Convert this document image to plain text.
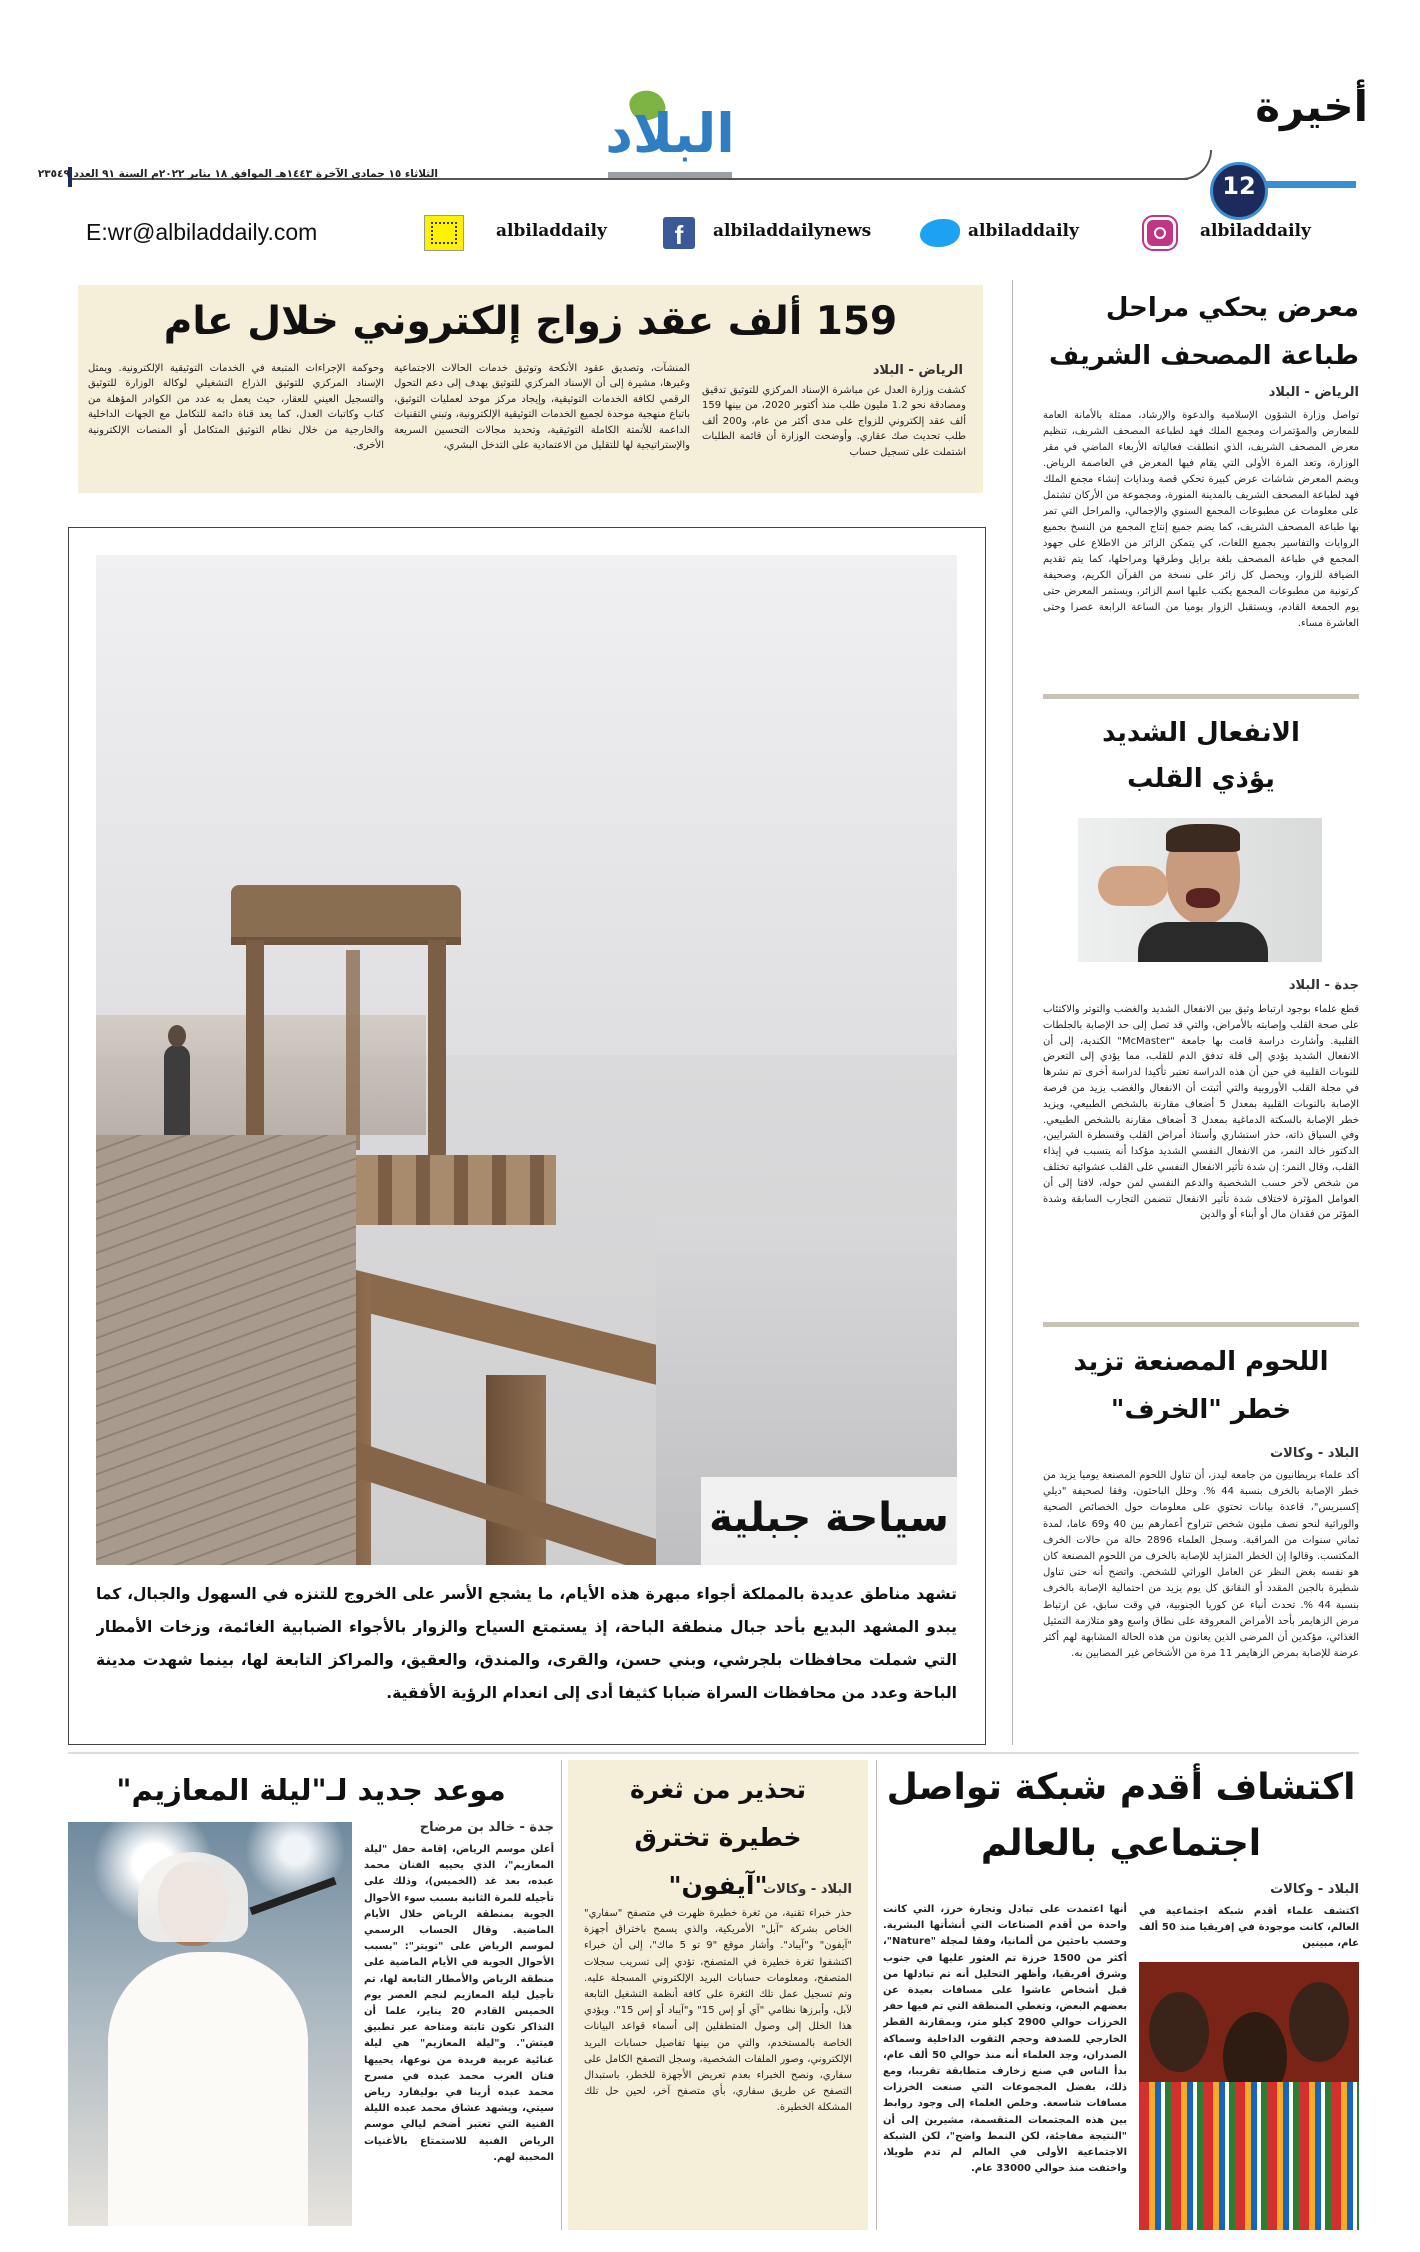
أخيرة
12
الثلاثاء ١٥ جمادى الآخرة ١٤٤٣هـ الموافق ١٨ يناير ٢٠٢٢م السنة ٩١ العدد ٢٣٥٤٩
البلاد
albiladdaily
albiladdaily
albiladdailynews
f
albiladdaily
E:wr@albiladdaily.com
159 ألف عقد زواج إلكتروني خلال عام
الرياض - البلاد
كشفت وزارة العدل عن مباشرة الإسناد المركزي للتوثيق تدقيق ومصادقة نحو 1.2 مليون طلب منذ أكتوبر 2020، من بينها 159 ألف عقد إلكتروني للزواج على مدى أكثر من عام، و200 ألف طلب تحديث صك عقاري. وأوضحت الوزارة أن قائمة الطلبات اشتملت على تسجيل حساب
المنشآت، وتصديق عقود الأنكحة وتوثيق خدمات الحالات الاجتماعية وغيرها، مشيرة إلى أن الإسناد المركزي للتوثيق يهدف إلى دعم التحول الرقمي لكافة الخدمات التوثيقية، وإيجاد مركز موحد لعمليات التوثيق، باتباع منهجية موحدة لجميع الخدمات التوثيقية الإلكترونية، وتبني التقنيات الداعمة للأتمتة الكاملة التوثيقية، وتحديد مجالات التحسين السريعة والإستراتيجية لها للتقليل من الاعتمادية على التدخل البشري،
وحوكمة الإجراءات المتبعة في الخدمات التوثيقية الإلكترونية. ويمثل الإسناد المركزي للتوثيق الذراع التشغيلي لوكالة الوزارة للتوثيق والتسجيل العيني للعقار، حيث يعمل به عدد من الكوادر المؤهلة من كتاب وكاتبات العدل، كما يعد قناة دائمة للتكامل مع الجهات الداخلية والخارجية من خلال نظام التوثيق المتكامل أو المنصات الإلكترونية الأخرى.
سياحة جبلية
تشهد مناطق عديدة بالمملكة أجواء مبهرة هذه الأيام، ما يشجع الأسر على الخروج للتنزه في السهول والجبال، كما يبدو المشهد البديع بأحد جبال منطقة الباحة، إذ يستمتع السياح والزوار بالأجواء الضبابية الغائمة، وزخات الأمطار التي شملت محافظات بلجرشي، وبني حسن، والقرى، والمندق، والعقيق، والمراكز التابعة لها، بينما شهدت مدينة الباحة وعدد من محافظات السراة ضبابا كثيفا أدى إلى انعدام الرؤية الأفقية.
معرض يحكي مراحل طباعة المصحف الشريف
الرياض - البلاد
تواصل وزارة الشؤون الإسلامية والدعوة والإرشاد، ممثلة بالأمانة العامة للمعارض والمؤتمرات ومجمع الملك فهد لطباعة المصحف الشريف، تنظيم معرض المصحف الشريف، الذي انطلقت فعالياته الأربعاء الماضي في مقر الوزارة، وتعد المرة الأولى التي يقام فيها المعرض في العاصمة الرياض. ويضم المعرض شاشات عرض كبيرة تحكي قصة وبدايات إنشاء مجمع الملك فهد لطباعة المصحف الشريف بالمدينة المنورة، ومجموعة من الأركان تشتمل على معلومات عن مطبوعات المجمع السنوي والإجمالي، والمراحل التي تمر بها طباعة المصحف الشريف، كما يضم جميع إنتاج المجمع من النسخ بجميع الروايات والتفاسير بجميع اللغات، كي يتمكن الزائر من الاطلاع على جهود المجمع في طباعة المصحف بلغة برايل وطرقها ومراحلها، كما يتم تقديم الضيافة للزوار، ويحصل كل زائر على نسخة من القرآن الكريم، وصحيفة كرتونية من مطبوعات المجمع يكتب عليها اسم الزائر، ويستمر المعرض حتى يوم الجمعة القادم، ويستقبل الزوار يوميا من الساعة الرابعة عصرا وحتى العاشرة مساء.
الانفعال الشديد يؤذي القلب
جدة - البلاد
قطع علماء بوجود ارتباط وثيق بين الانفعال الشديد والغضب والتوتر والاكتئاب على صحة القلب وإصابته بالأمراض، والتي قد تصل إلى حد الإصابة بالجلطات القلبية. وأشارت دراسة قامت بها جامعة "McMaster" الكندية، إلى أن الانفعال الشديد يؤدي إلى قلة تدفق الدم للقلب، مما يؤدي إلى التعرض للنوبات القلبية في حين أن هذه الدراسة تعتبر تأكيدا لدراسة أخرى تم نشرها في مجلة القلب الأوروبية والتي أثبتت أن الانفعال والغضب يزيد من فرصة الإصابة بالنوبات القلبية بمعدل 5 أضعاف مقارنة بالشخص الطبيعي، ويزيد خطر الإصابة بالسكتة الدماغية بمعدل 3 أضعاف مقارنة بالشخص الطبيعي. وفي السياق ذاته، حذر استشاري وأستاذ أمراض القلب وقسطرة الشرايين، الدكتور خالد النمر، من الانفعال النفسي الشديد مؤكدا أنه يتسبب في إيذاء القلب، وقال النمر: إن شدة تأثير الانفعال النفسي على القلب عشوائية تختلف من شخص لآخر حسب الشخصية والدعم النفسي لمن حوله، لافتا إلى أن العوامل المؤثرة لاختلاف شدة تأثير الانفعال تتضمن التجارب السابقة وشدة المؤثر من فقدان مال أو أبناء أو والدين
اللحوم المصنعة تزيد خطر "الخرف"
البلاد - وكالات
أكد علماء بريطانيون من جامعة ليدز، أن تناول اللحوم المصنعة يوميا يزيد من خطر الإصابة بالخرف بنسبة 44 %. وحلل الباحثون، وفقا لصحيفة "ديلي إكسبريس"، قاعدة بيانات تحتوي على معلومات حول الخصائص الصحية والوراثية لنحو نصف مليون شخص تتراوح أعمارهم بين 40 و69 عاما، لمدة ثماني سنوات من المراقبة. وسجل العلماء 2896 حالة من حالات الخرف المكتسب. وقالوا إن الخطر المتزايد للإصابة بالخرف من اللحوم المصنعة كان هو نفسه بغض النظر عن العامل الوراثي للشخص. واتضح أنه حتى تناول شطيرة بالجبن المقدد أو النقانق كل يوم يزيد من احتمالية الإصابة بالخرف بنسبة 44 %. تحدث أنباء عن كوريا الجنوبية، في وقت سابق، عن ارتباط مرض الزهايمر بأحد الأمراض المعروفة على نطاق واسع وهو متلازمة التمثيل الغذائي، مؤكدين أن المرضى الذين يعانون من هذه الحالة المشابهة لهم أكثر عرضة للإصابة بمرض الزهايمر 11 مرة من الأشخاص غير المصابين به.
اكتشاف أقدم شبكة تواصل اجتماعي بالعالم
البلاد - وكالات
اكتشف علماء أقدم شبكة اجتماعية في العالم، كانت موجودة في إفريقيا منذ 50 ألف عام، مبينين
أنها اعتمدت على تبادل وتجارة خرز، التي كانت واحدة من أقدم الصناعات التي أنشأتها البشرية. وحسب باحثين من ألمانيا، وفقا لمجلة "Nature"، أكثر من 1500 خرزة تم العثور عليها في جنوب وشرق أفريقيا، وأظهر التحليل أنه تم تبادلها من قبل أشخاص عاشوا على مسافات بعيدة عن بعضهم البعض، وتغطي المنطقة التي تم فيها حفر الخرزات حوالي 2900 كيلو متر، وبمقارنة القطر الخارجي للصدفة وحجم الثقوب الداخلية وسماكة الصدران، وجد العلماء أنه منذ حوالي 50 ألف عام، بدأ الناس في صنع زخارف متطابقة تقريبا، ومع ذلك، بفضل المجموعات التي صنعت الخرزات مسافات شاسعة. وخلص العلماء إلى وجود روابط بين هذه المجتمعات المتقسمة، مشيرين إلى أن "النتيجة مفاجئة، لكن النمط واضح"، لكن الشبكة الاجتماعية الأولى في العالم لم تدم طويلا، واختفت منذ حوالي 33000 عام.
تحذير من ثغرة خطيرة تخترق "آيفون"
البلاد - وكالات
حذر خبراء تقنية، من ثغرة خطيرة ظهرت في متصفح "سفاري" الخاص بشركة "آبل" الأمريكية، والذي يسمح باختراق أجهزة "آيفون" و"آيباد". وأشار موقع "9 تو 5 ماك"، إلى أن خبراء اكتشفوا ثغرة خطيرة في المتصفح، تؤدي إلى تسريب سجلات المتصفح، ومعلومات حسابات البريد الإلكتروني المسجلة عليه. وتم تسجيل عمل تلك الثغرة على كافة أنظمة التشغيل التابعة لآبل، وأبرزها نظامي "آي أو إس 15" و"آيباد أو إس 15". ويؤدي هذا الخلل إلى وصول المتطفلين إلى أسماء قواعد البيانات الخاصة بالمستخدم، والتي من بينها تفاصيل حسابات البريد الإلكتروني، وصور الملفات الشخصية، وسجل التصفح الكامل على سفاري، ونصح الخبراء بعدم تعريض الأجهزة للخطر، باستبدال التصفح عن طريق سفاري، بأي متصفح آخر، لحين حل تلك المشكلة الخطيرة.
موعد جديد لـ"ليلة المعازيم"
جدة - خالد بن مرضاح
أعلن موسم الرياض، إقامة حفل "ليلة المعازيم"، الذي يحييه الفنان محمد عبده، بعد غد (الخميس)، وذلك على تأجيله للمرة الثانية بسبب سوء الأحوال الجوية بمنطقة الرياض خلال الأيام الماضية. وقال الحساب الرسمي لموسم الرياض على "تويتر": "بسبب الأحوال الجوية في الأيام الماضية على منطقة الرياض والأمطار التابعة لها، تم تأجيل ليلة المعازيم لنجم العصر يوم الخميس القادم 20 يناير، علما أن التذاكر تكون ثابتة ومتاحة عبر تطبيق فيتش". و"ليلة المعازيم" هي ليلة غنائية عربية فريدة من نوعها، يحييها فنان العرب محمد عبده في مسرح محمد عبده أرينا في بوليفارد رياض سيتي، ويشهد عشاق محمد عبده الليلة الفنية التي تعتبر أضخم ليالي موسم الرياض الفنية للاستمتاع بالأغنيات المحببة لهم.
